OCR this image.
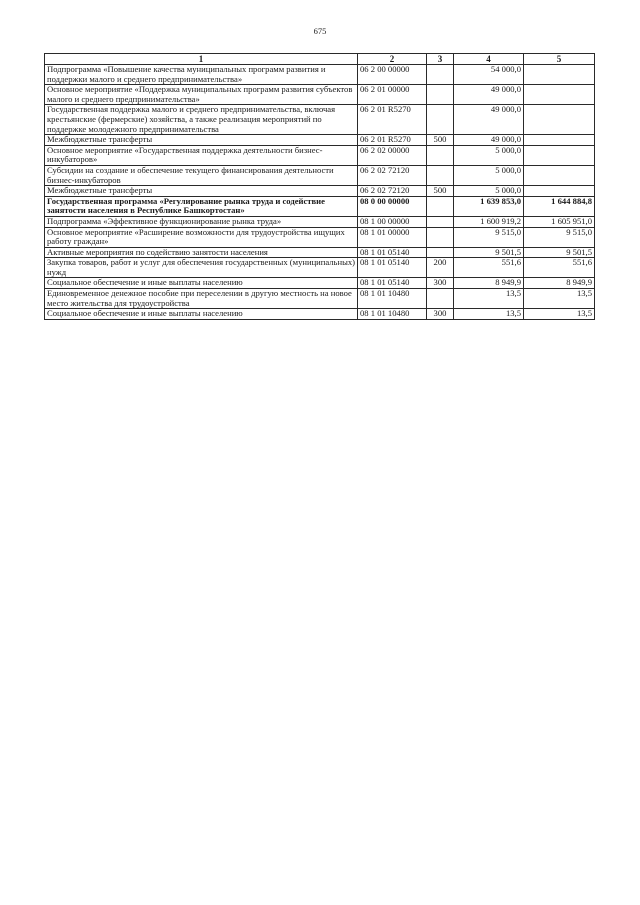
675
1	2	3	4	5
Подпрограмма «Повышение качества муниципальных программ развития и поддержки малого и среднего предпринимательства»	06 2 00 00000		54 000,0	
Основное мероприятие «Поддержка муниципальных программ развития субъектов малого и среднего предпринимательства»	06 2 01 00000		49 000,0	
Государственная поддержка малого и среднего предпринимательства, включая крестьянские (фермерские) хозяйства, а также реализация мероприятий по поддержке молодежного предпринимательства	06 2 01 R5270		49 000,0	
Межбюджетные трансферты	06 2 01 R5270	500	49 000,0	
Основное мероприятие «Государственная поддержка деятельности бизнес-инкубаторов»	06 2 02 00000		5 000,0	
Субсидии на создание и обеспечение текущего финансирования деятельности бизнес-инкубаторов	06 2 02 72120		5 000,0	
Межбюджетные трансферты	06 2 02 72120	500	5 000,0	
Государственная программа «Регулирование рынка труда и содействие занятости населения в Республике Башкортостан»	08 0 00 00000		1 639 853,0	1 644 884,8
Подпрограмма «Эффективное функционирование рынка труда»	08 1 00 00000		1 600 919,2	1 605 951,0
Основное мероприятие «Расширение возможности для трудоустройства ищущих работу граждан»	08 1 01 00000		9 515,0	9 515,0
Активные мероприятия по содействию занятости населения	08 1 01 05140		9 501,5	9 501,5
Закупка товаров, работ и услуг для обеспечения государственных (муниципальных) нужд	08 1 01 05140	200	551,6	551,6
Социальное обеспечение и иные выплаты населению	08 1 01 05140	300	8 949,9	8 949,9
Единовременное денежное пособие при переселении в другую местность на новое место жительства для трудоустройства	08 1 01 10480		13,5	13,5
Социальное обеспечение и иные выплаты населению	08 1 01 10480	300	13,5	13,5
